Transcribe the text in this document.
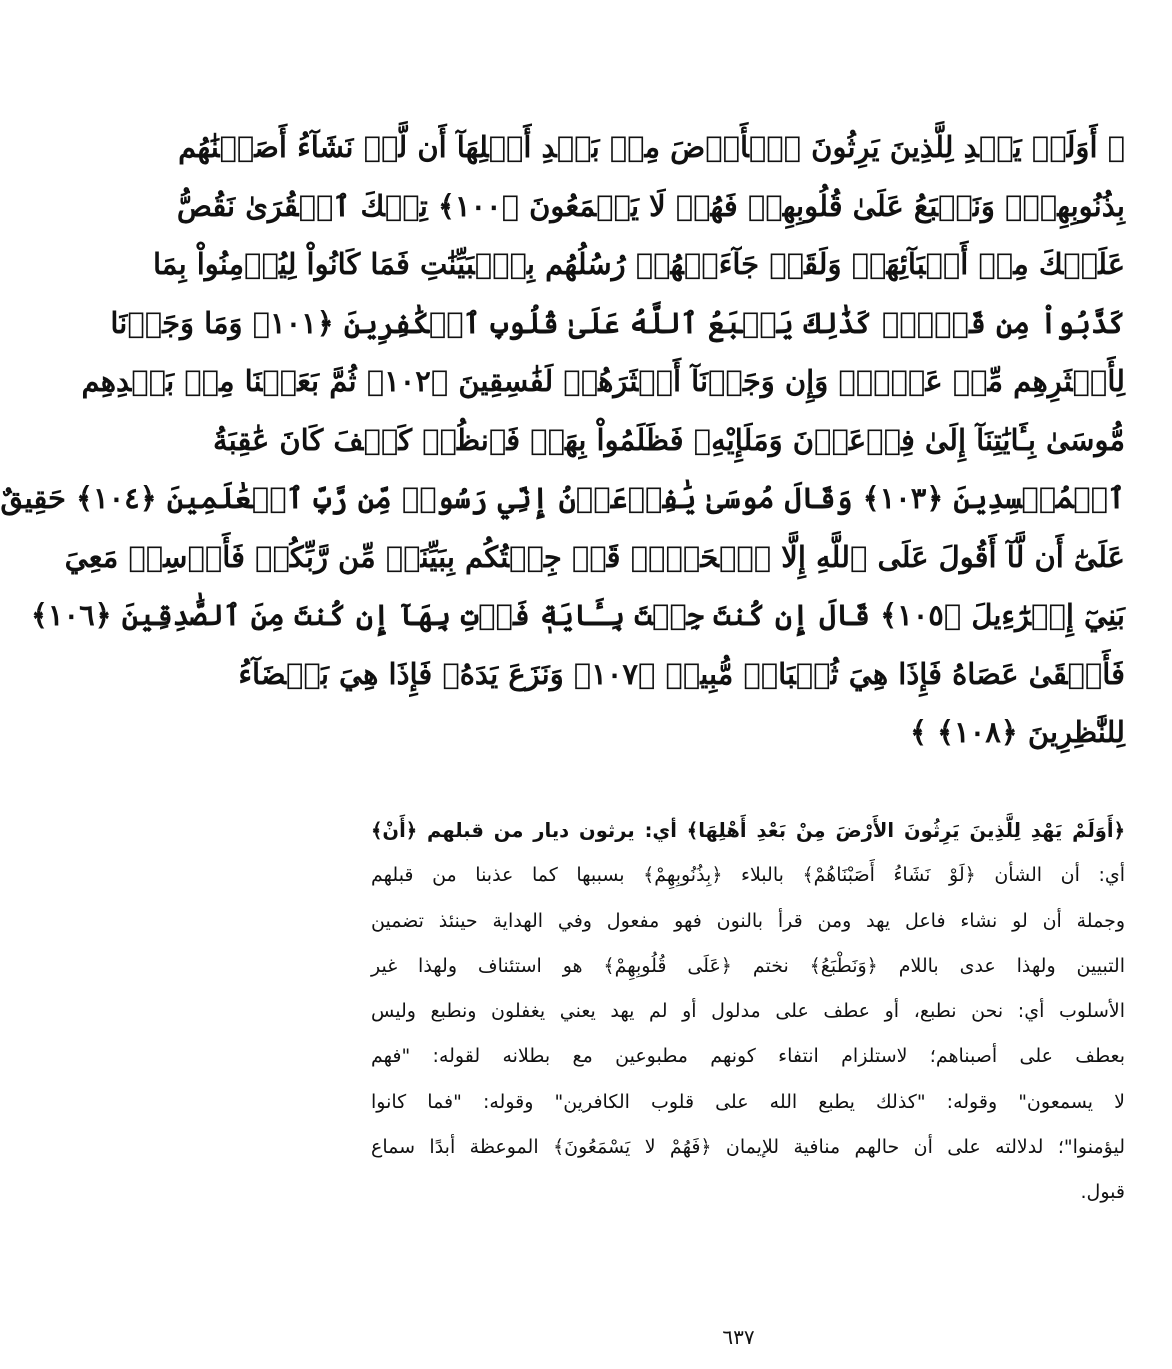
﴿ أَوَلَمۡ يَهۡدِ لِلَّذِينَ يَرِثُونَ ٱلۡأَرۡضَ مِنۢ بَعۡدِ أَهۡلِهَآ أَن لَّوۡ نَشَآءُ أَصَبۡنَٰهُم
بِذُنُوبِهِمۡۚ وَنَطۡبَعُ عَلَىٰ قُلُوبِهِمۡ فَهُمۡ لَا يَسۡمَعُونَ ﴿١٠٠﴾ تِلۡكَ ٱلۡقُرَىٰ نَقُصُّ
عَلَيۡكَ مِنۡ أَنۢبَآئِهَاۚ وَلَقَدۡ جَآءَتۡهُمۡ رُسُلُهُم بِٱلۡبَيِّنَٰتِ فَمَا كَانُواْ لِيُؤۡمِنُواْ بِمَا
كَذَّبُواْ مِن قَبۡلُۚ كَذَٰلِكَ يَطۡبَعُ ٱللَّهُ عَلَىٰ قُلُوبِ ٱلۡكَٰفِرِينَ ﴿١٠١﴾ وَمَا وَجَدۡنَا
لِأَكۡثَرِهِم مِّنۡ عَهۡدٖۖ وَإِن وَجَدۡنَآ أَكۡثَرَهُمۡ لَفَٰسِقِينَ ﴿١٠٢﴾ ثُمَّ بَعَثۡنَا مِنۢ بَعۡدِهِم
مُّوسَىٰ بِـَٔايَٰتِنَآ إِلَىٰ فِرۡعَوۡنَ وَمَلَإِيْهِۦ فَظَلَمُواْ بِهَاۖ فَٱنظُرۡ كَيۡفَ كَانَ عَٰقِبَةُ
ٱلۡمُفۡسِدِينَ ﴿١٠٣﴾ وَقَالَ مُوسَىٰ يَٰفِرۡعَوۡنُ إِنِّي رَسُولٞ مِّن رَّبِّ ٱلۡعَٰلَمِينَ ﴿١٠٤﴾ حَقِيقٌ
عَلَىٰٓ أَن لَّآ أَقُولَ عَلَى ٱللَّهِ إِلَّا ٱلۡحَقَّۚ قَدۡ جِئۡتُكُم بِبَيِّنَةٖ مِّن رَّبِّكُمۡ فَأَرۡسِلۡ مَعِيَ
بَنِيٓ إِسۡرَٰٓءِيلَ ﴿١٠٥﴾ قَالَ إِن كُنتَ جِئۡتَ بِـَٔايَةٖ فَأۡتِ بِهَآ إِن كُنتَ مِنَ ٱلصَّٰدِقِينَ ﴿١٠٦﴾
فَأَلۡقَىٰ عَصَاهُ فَإِذَا هِيَ ثُعۡبَانٞ مُّبِينٞ ﴿١٠٧﴾ وَنَزَعَ يَدَهُۥ فَإِذَا هِيَ بَيۡضَآءُ
لِلنَّٰظِرِينَ ﴿١٠٨﴾ ﴾
﴿أَوَلَمْ يَهْدِ لِلَّذِينَ يَرِثُونَ الأَرْضَ مِنْ بَعْدِ أَهْلِهَا﴾ أي: يرثون ديار من قبلهم ﴿أَنْ﴾
أي: أن الشأن ﴿لَوْ نَشَاءُ أَصَبْنَاهُمْ﴾ بالبلاء ﴿بِذُنُوبِهِمْ﴾ بسببها كما عذبنا من قبلهم
وجملة أن لو نشاء فاعل يهد ومن قرأ بالنون فهو مفعول وفي الهداية حينئذ تضمين
التبيين ولهذا عدى باللام ﴿وَنَطْبَعُ﴾ نختم ﴿عَلَى قُلُوبِهِمْ﴾ هو استئناف ولهذا غير
الأسلوب أي: نحن نطبع، أو عطف على مدلول أو لم يهد يعني يغفلون ونطبع وليس
بعطف على أصبناهم؛ لاستلزام انتفاء كونهم مطبوعين مع بطلانه لقوله: "فهم
لا يسمعون" وقوله: "كذلك يطبع الله على قلوب الكافرين" وقوله: "فما كانوا
ليؤمنوا"؛ لدلالته على أن حالهم منافية للإيمان ﴿فَهُمْ لا يَسْمَعُونَ﴾ الموعظة أبدًا سماع
قبول.
٦٣٧
